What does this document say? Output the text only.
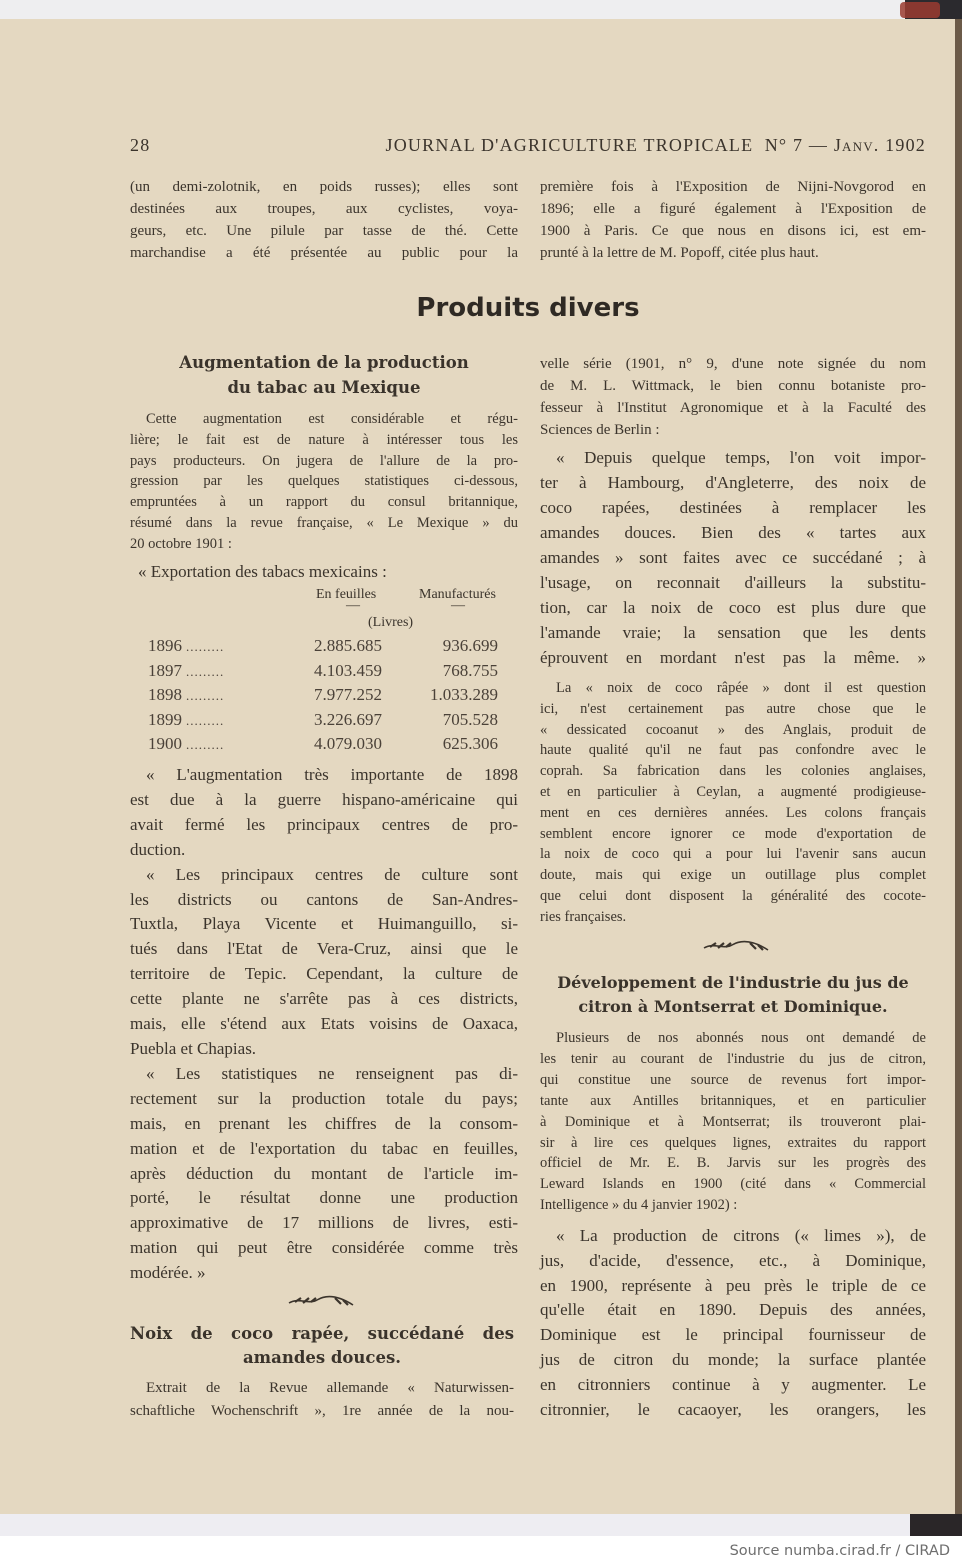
28	JOURNAL D'AGRICULTURE TROPICALE N° 7 — Janv. 1902
(un demi-zolotnik, en poids russes); elles sont
destinées aux troupes, aux cyclistes, voya-
geurs, etc. Une pilule par tasse de thé. Cette
marchandise a été présentée au public pour la
première fois à l'Exposition de Nijni-Novgorod en
1896; elle a figuré également à l'Exposition de
1900 à Paris. Ce que nous en disons ici, est em-
prunté à la lettre de M. Popoff, citée plus haut.
Produits divers
Augmentation de la production
du tabac au Mexique
Cette augmentation est considérable et régu-
lière; le fait est de nature à intéresser tous les
pays producteurs. On jugera de l'allure de la pro-
gression par les quelques statistiques ci-dessous,
empruntées à un rapport du consul britannique,
résumé dans la revue française, « Le Mexique » du
20 octobre 1901 :
« Exportation des tabacs mexicains :
En feuilles	Manufacturés
—	—
(Livres)
1896 .........	2.885.685	936.699
1897 .........	4.103.459	768.755
1898 .........	7.977.252	1.033.289
1899 .........	3.226.697	705.528
1900 .........	4.079.030	625.306
« L'augmentation très importante de 1898
est due à la guerre hispano-américaine qui
avait fermé les principaux centres de pro-
duction.
« Les principaux centres de culture sont
les districts ou cantons de San-Andres-
Tuxtla, Playa Vicente et Huimanguillo, si-
tués dans l'Etat de Vera-Cruz, ainsi que le
territoire de Tepic. Cependant, la culture de
cette plante ne s'arrête pas à ces districts,
mais, elle s'étend aux Etats voisins de Oaxaca,
Puebla et Chapias.
« Les statistiques ne renseignent pas di-
rectement sur la production totale du pays;
mais, en prenant les chiffres de la consom-
mation et de l'exportation du tabac en feuilles,
après déduction du montant de l'article im-
porté, le résultat donne une production
approximative de 17 millions de livres, esti-
mation qui peut être considérée comme très
modérée. »
Noix de coco rapée, succédané des
amandes douces.
Extrait de la Revue allemande « Naturwissen-
schaftliche Wochenschrift », 1re année de la nou-
velle série (1901, n° 9, d'une note signée du nom
de M. L. Wittmack, le bien connu botaniste pro-
fesseur à l'Institut Agronomique et à la Faculté des
Sciences de Berlin :
« Depuis quelque temps, l'on voit impor-
ter à Hambourg, d'Angleterre, des noix de
coco rapées, destinées à remplacer les
amandes douces. Bien des « tartes aux
amandes » sont faites avec ce succédané ; à
l'usage, on reconnait d'ailleurs la substitu-
tion, car la noix de coco est plus dure que
l'amande vraie; la sensation que les dents
éprouvent en mordant n'est pas la même. »
La « noix de coco râpée » dont il est question
ici, n'est certainement pas autre chose que le
« dessicated cocoanut » des Anglais, produit de
haute qualité qu'il ne faut pas confondre avec le
coprah. Sa fabrication dans les colonies anglaises,
et en particulier à Ceylan, a augmenté prodigieuse-
ment en ces dernières années. Les colons français
semblent encore ignorer ce mode d'exportation de
la noix de coco qui a pour lui l'avenir sans aucun
doute, mais qui exige un outillage plus complet
que celui dont disposent la généralité des cocote-
ries françaises.
Développement de l'industrie du jus de
citron à Montserrat et Dominique.
Plusieurs de nos abonnés nous ont demandé de
les tenir au courant de l'industrie du jus de citron,
qui constitue une source de revenus fort impor-
tante aux Antilles britanniques, et en particulier
à Dominique et à Montserrat; ils trouveront plai-
sir à lire ces quelques lignes, extraites du rapport
officiel de Mr. E. B. Jarvis sur les progrès des
Leward Islands en 1900 (cité dans « Commercial
Intelligence » du 4 janvier 1902) :
« La production de citrons (« limes »), de
jus, d'acide, d'essence, etc., à Dominique,
en 1900, représente à peu près le triple de ce
qu'elle était en 1890. Depuis des années,
Dominique est le principal fournisseur de
jus de citron du monde; la surface plantée
en citronniers continue à y augmenter. Le
citronnier, le cacaoyer, les orangers, les
Source numba.cirad.fr / CIRAD
